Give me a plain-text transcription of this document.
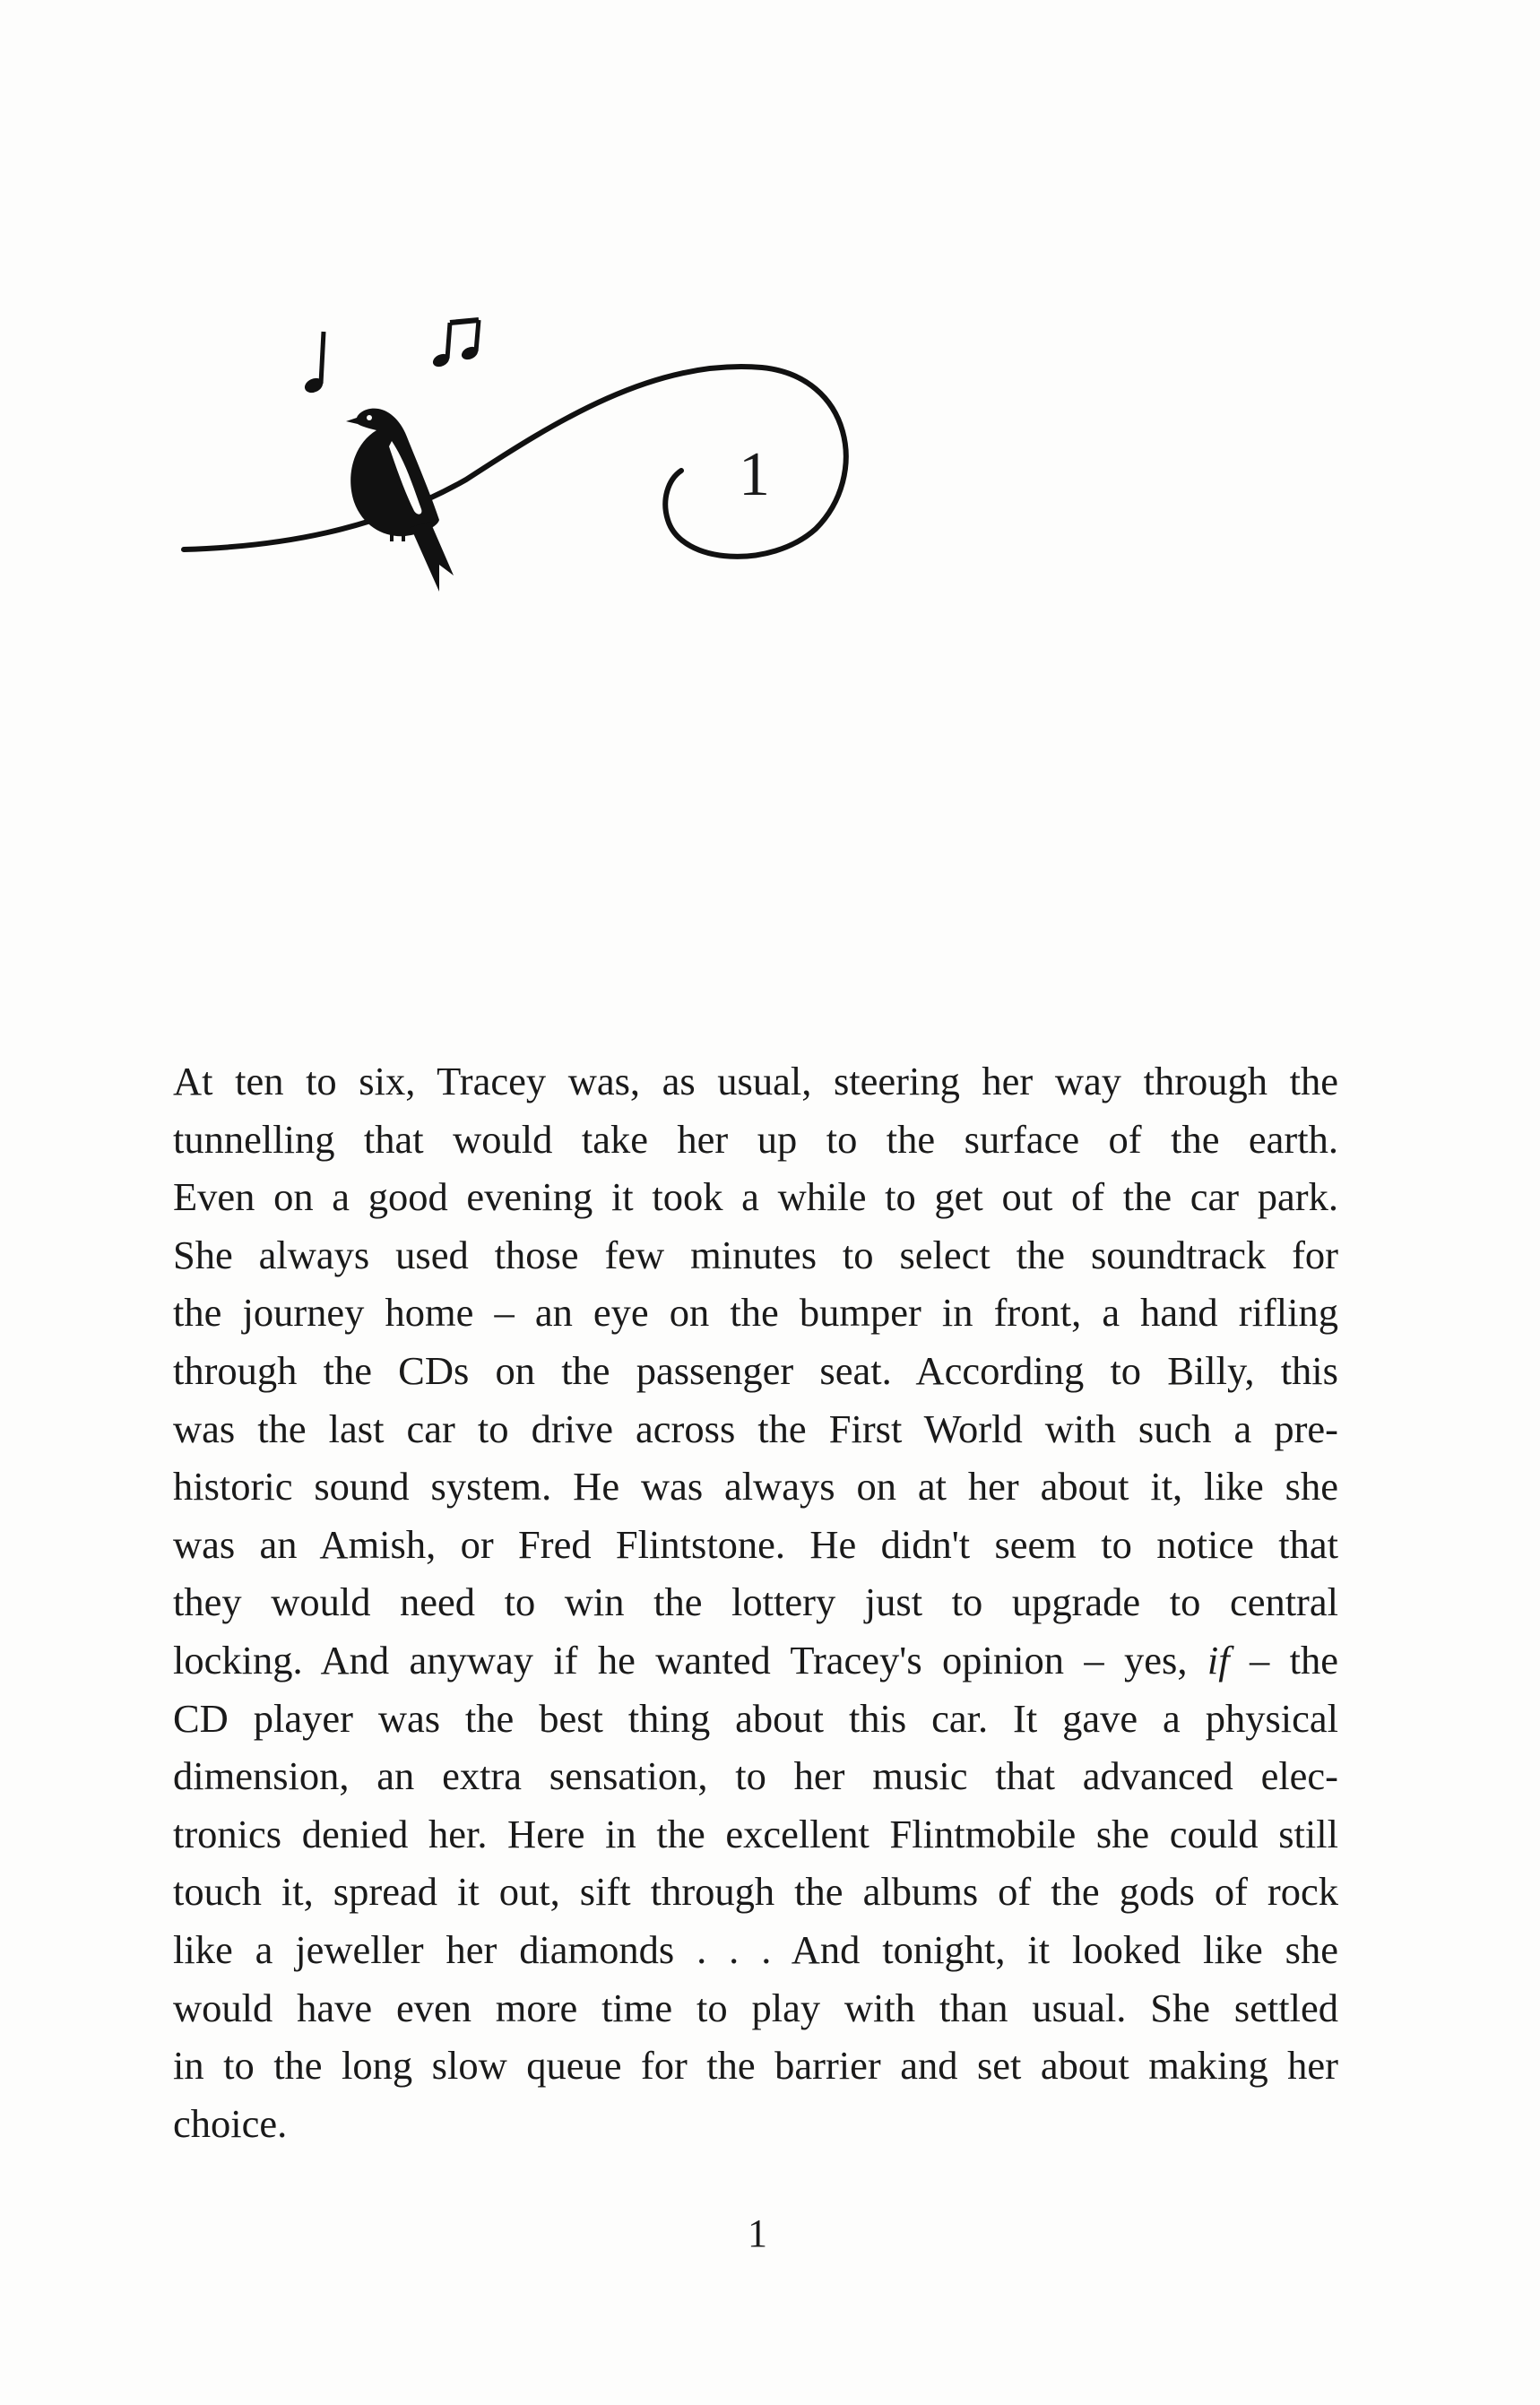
1

At ten to six, Tracey was, as usual, steering her way through the
tunnelling that would take her up to the surface of the earth.
Even on a good evening it took a while to get out of the car park.
She always used those few minutes to select the soundtrack for
the journey home – an eye on the bumper in front, a hand rifling
through the CDs on the passenger seat. According to Billy, this
was the last car to drive across the First World with such a pre-
historic sound system. He was always on at her about it, like she
was an Amish, or Fred Flintstone. He didn't seem to notice that
they would need to win the lottery just to upgrade to central
locking. And anyway if he wanted Tracey's opinion – yes, if – the
CD player was the best thing about this car. It gave a physical
dimension, an extra sensation, to her music that advanced elec-
tronics denied her. Here in the excellent Flintmobile she could still
touch it, spread it out, sift through the albums of the gods of rock
like a jeweller her diamonds . . . And tonight, it looked like she
would have even more time to play with than usual. She settled
in to the long slow queue for the barrier and set about making her
choice.

1
